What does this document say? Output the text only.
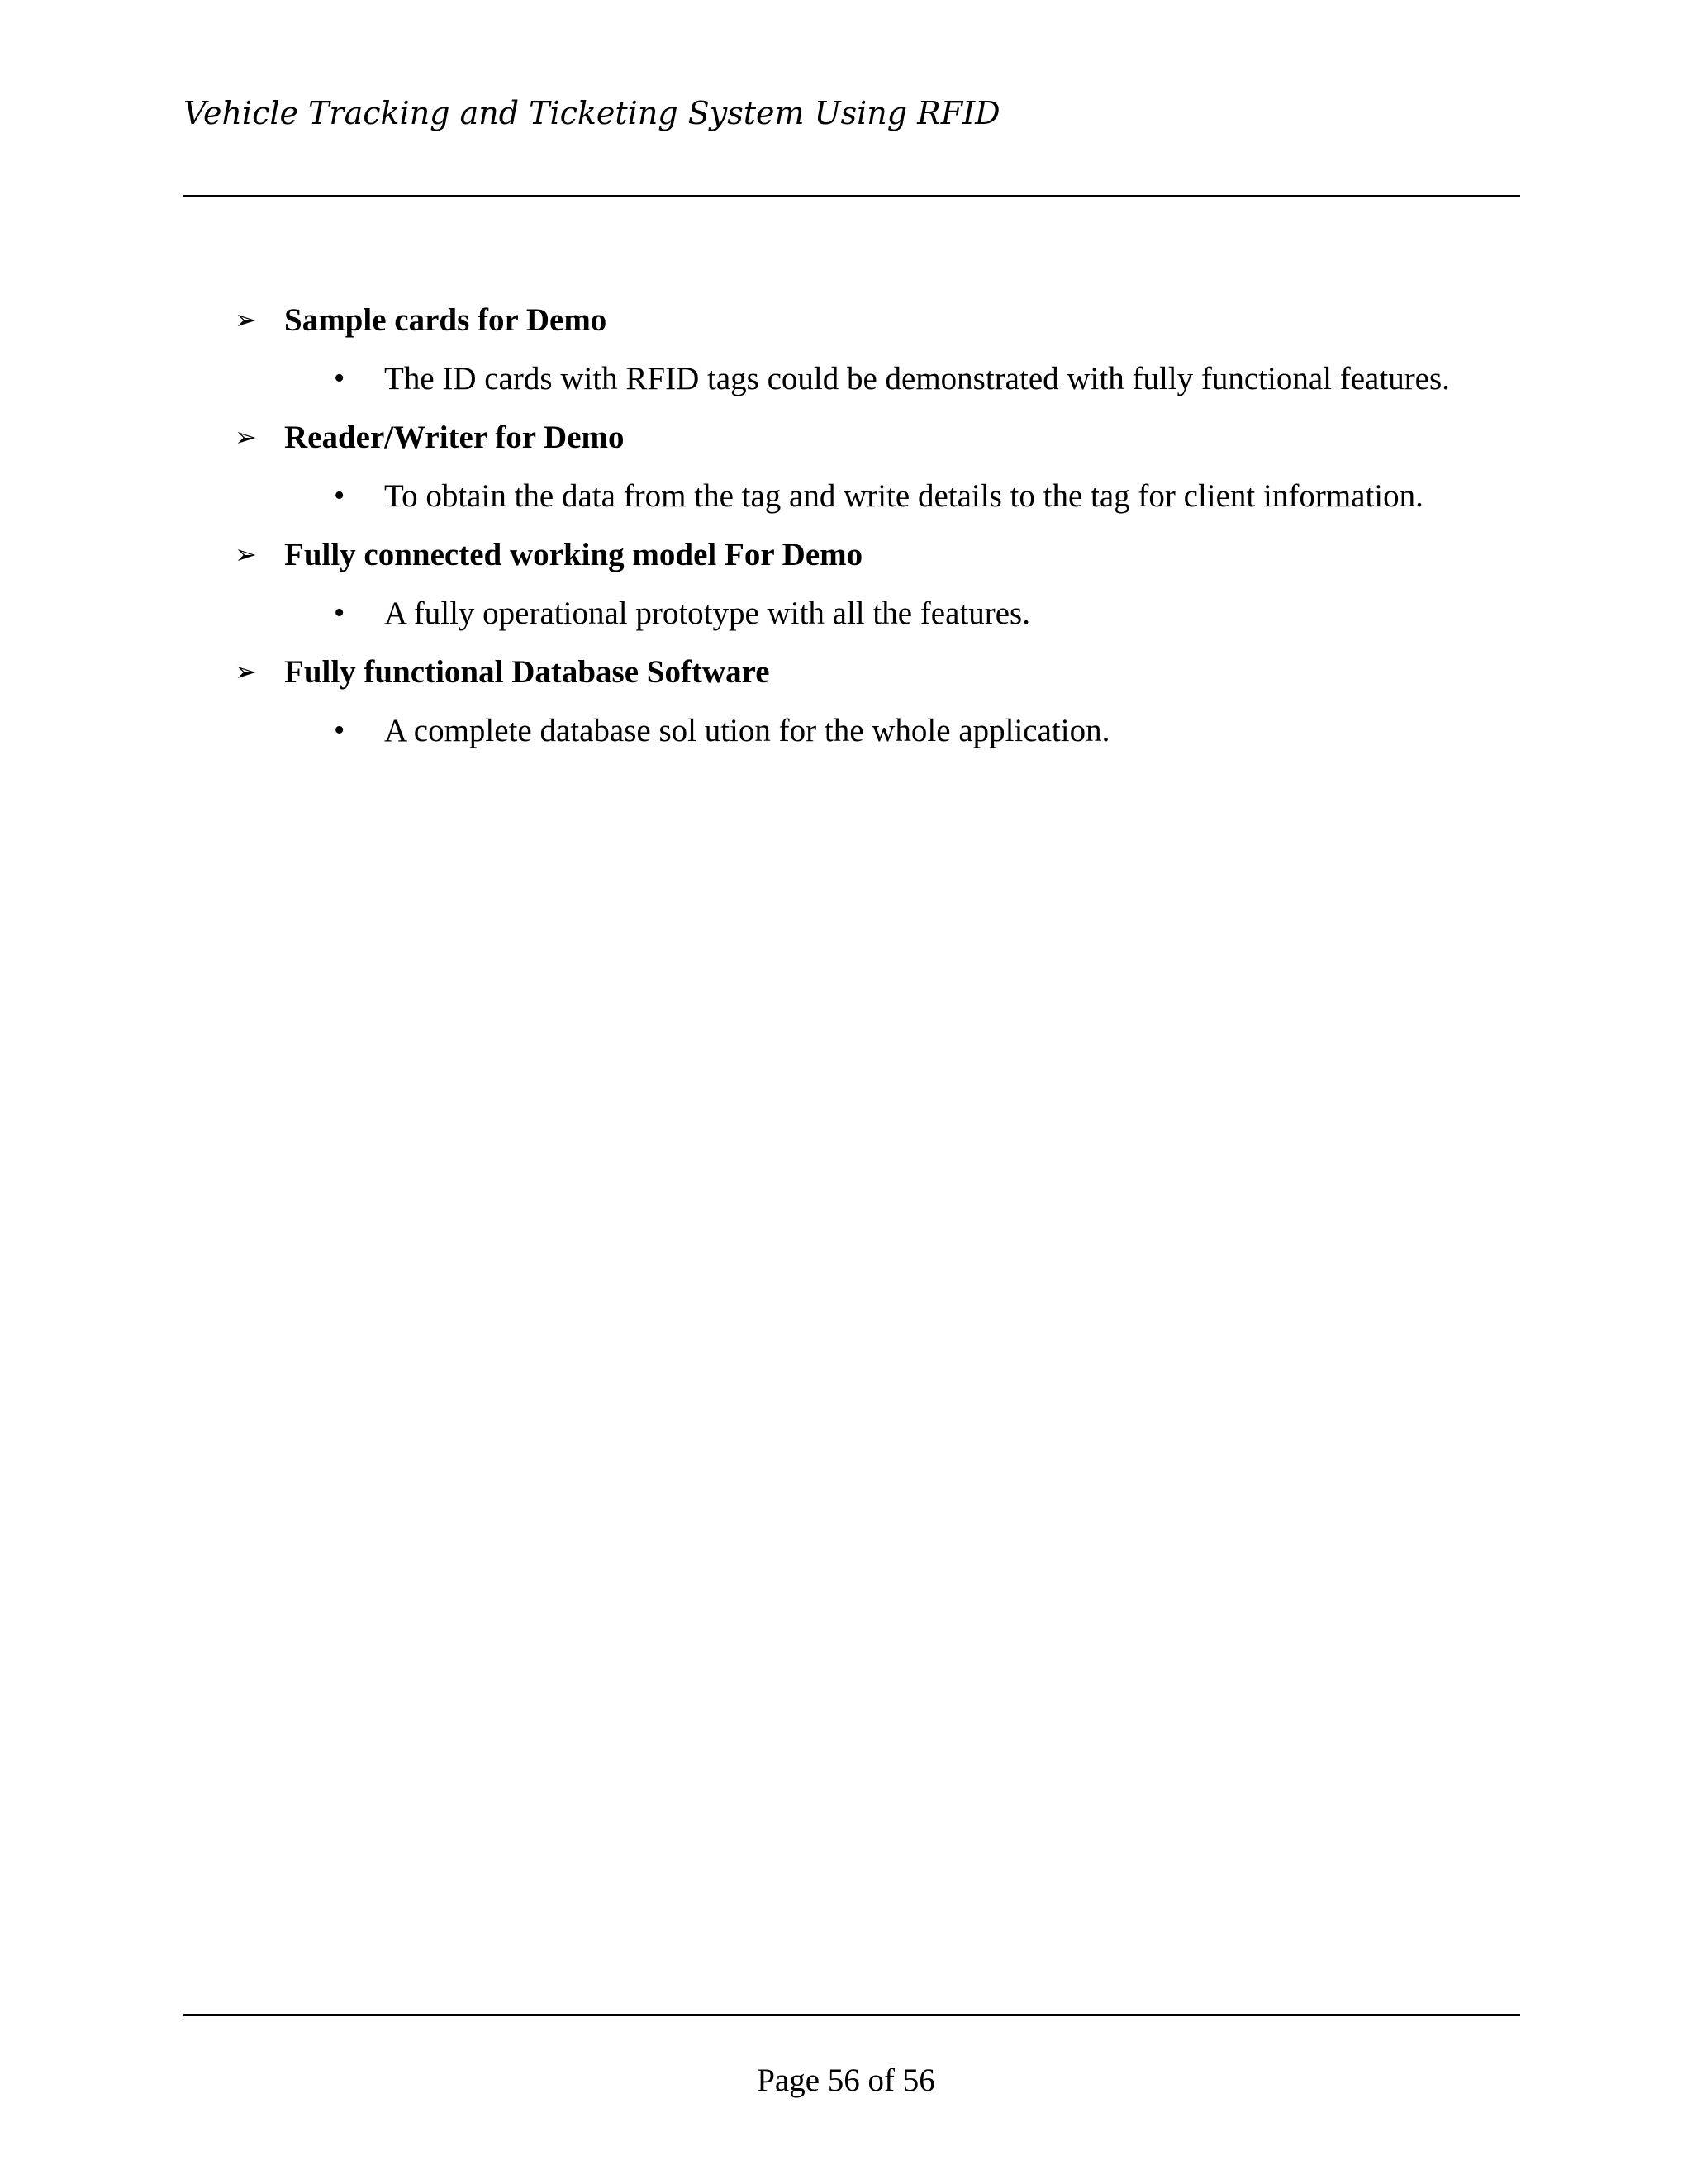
Vehicle Tracking and Ticketing System Using RFID
➢ Sample cards for Demo
• The ID cards with RFID tags could be demonstrated with fully functional features.
➢ Reader/Writer for Demo
• To obtain the data from the tag and write details to the tag for client information.
➢ Fully connected working model For Demo
• A fully operational prototype with all the features.
➢ Fully functional Database Software
• A complete database sol ution for the whole application.
Page 56 of 56
